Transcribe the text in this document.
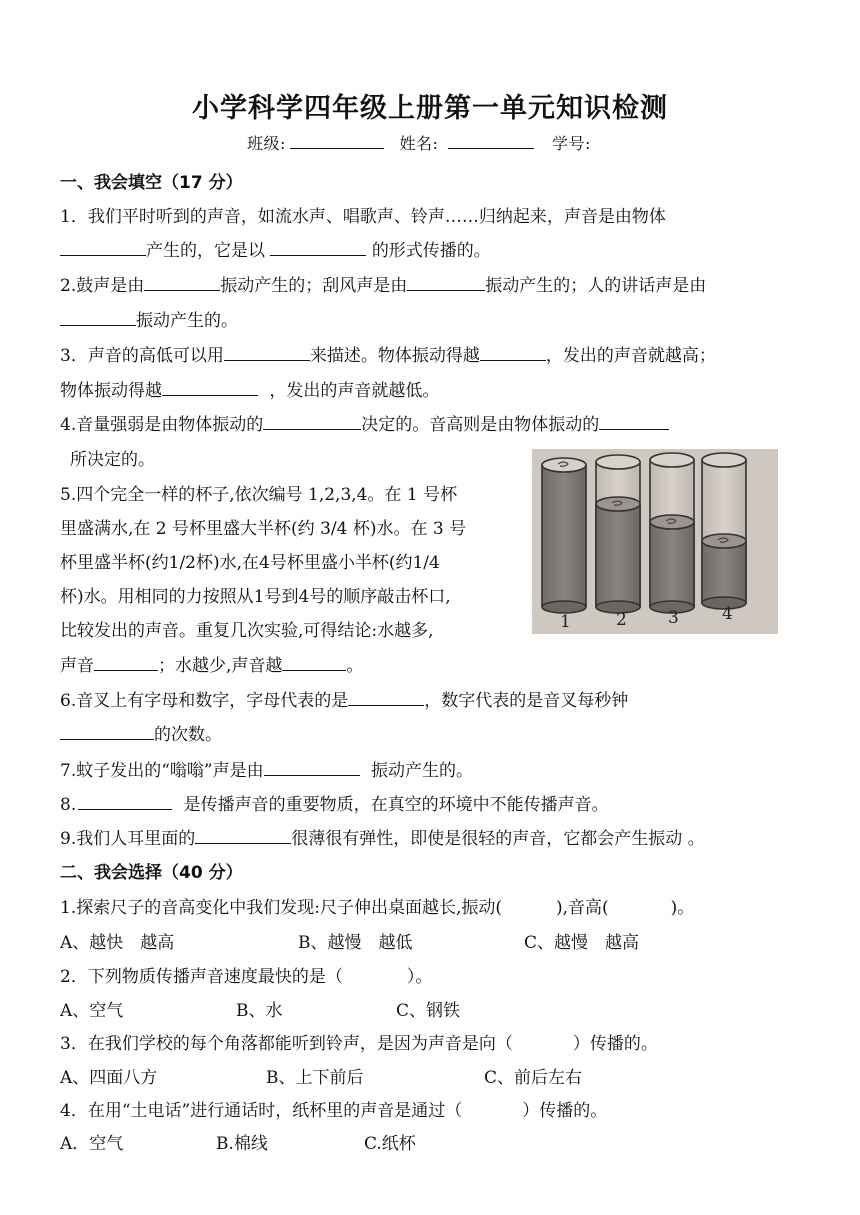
小学科学四年级上册第一单元知识检测
班级:	姓名:	学号:
一、我会填空（17 分）
1．我们平时听到的声音，如流水声、唱歌声、铃声……归纳起来，声音是由物体
产生的，它是以	的形式传播的。
2.鼓声是由	振动产生的；刮风声是由	振动产生的；人的讲话声是由
振动产生的。
3．声音的高低可以用	来描述。物体振动得越	，发出的声音就越高；
物体振动得越	，发出的声音就越低。
4.音量强弱是由物体振动的	决定的。音高则是由物体振动的
所决定的。
5.四个完全一样的杯子,依次编号 1,2,3,4。在 1 号杯
里盛满水,在 2 号杯里盛大半杯(约 3/4 杯)水。在 3 号
杯里盛半杯(约1/2杯)水,在4号杯里盛小半杯(约1/4
杯)水。用相同的力按照从1号到4号的顺序敲击杯口,
比较发出的声音。重复几次实验,可得结论:水越多,
声音	；水越少,声音越	。
1	2 3	4
6.音叉上有字母和数字，字母代表的是	，数字代表的是音叉每秒钟
的次数。
7.蚊子发出的“嗡嗡”声是由	振动产生的。
8.	是传播声音的重要物质，在真空的环境中不能传播声音。
9.我们人耳里面的	很薄很有弹性，即使是很轻的声音，它都会产生振动 。
二、我会选择（40 分）
1.探索尺子的音高变化中我们发现:尺子伸出桌面越长,振动(	),音高(	)。
A、越快　越高	B、越慢　越低	C、越慢　越高
2．下列物质传播声音速度最快的是（	）。
A、空气	B、水	C、钢铁
3．在我们学校的每个角落都能听到铃声，是因为声音是向（	）传播的。
A、四面八方	B、上下前后	C、前后左右
4．在用“土电话”进行通话时，纸杯里的声音是通过（	）传播的。
A．空气	B.棉线	C.纸杯
